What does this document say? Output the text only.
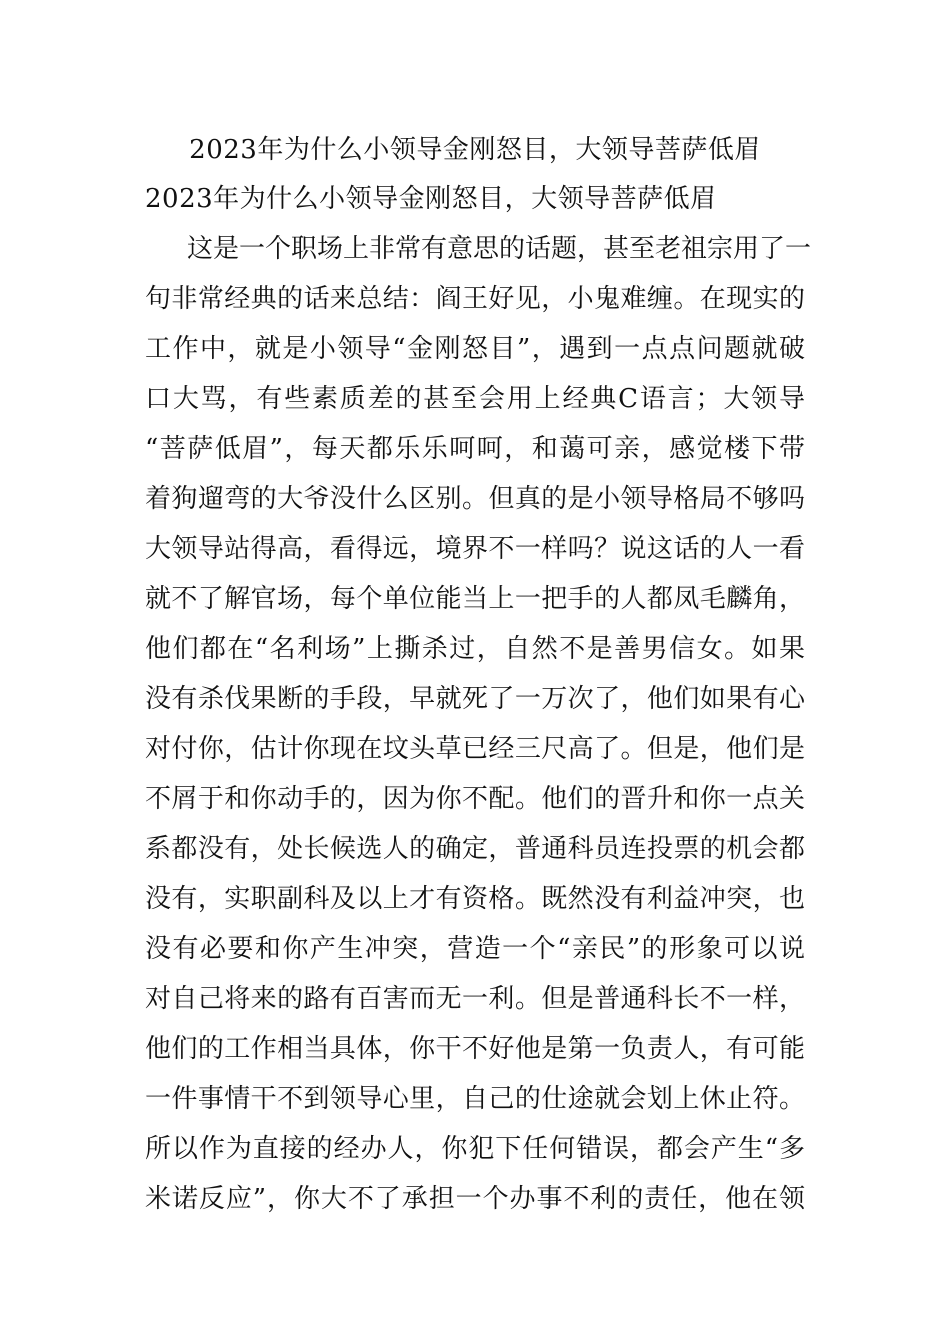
2023年为什么小领导金刚怒目，大领导菩萨低眉
2023年为什么小领导金刚怒目，大领导菩萨低眉
这是一个职场上非常有意思的话题，甚至老祖宗用了一
句非常经典的话来总结：阎王好见，小鬼难缠。在现实的
工作中，就是小领导“金刚怒目”，遇到一点点问题就破
口大骂，有些素质差的甚至会用上经典C语言；大领导
“菩萨低眉”，每天都乐乐呵呵，和蔼可亲，感觉楼下带
着狗遛弯的大爷没什么区别。但真的是小领导格局不够吗
大领导站得高，看得远，境界不一样吗？说这话的人一看
就不了解官场，每个单位能当上一把手的人都凤毛麟角，
他们都在“名利场”上撕杀过，自然不是善男信女。如果
没有杀伐果断的手段，早就死了一万次了，他们如果有心
对付你，估计你现在坟头草已经三尺高了。但是，他们是
不屑于和你动手的，因为你不配。他们的晋升和你一点关
系都没有，处长候选人的确定，普通科员连投票的机会都
没有，实职副科及以上才有资格。既然没有利益冲突，也
没有必要和你产生冲突，营造一个“亲民”的形象可以说
对自己将来的路有百害而无一利。但是普通科长不一样，
他们的工作相当具体，你干不好他是第一负责人，有可能
一件事情干不到领导心里，自己的仕途就会划上休止符。
所以作为直接的经办人，你犯下任何错误，都会产生“多
米诺反应”，你大不了承担一个办事不利的责任，他在领
